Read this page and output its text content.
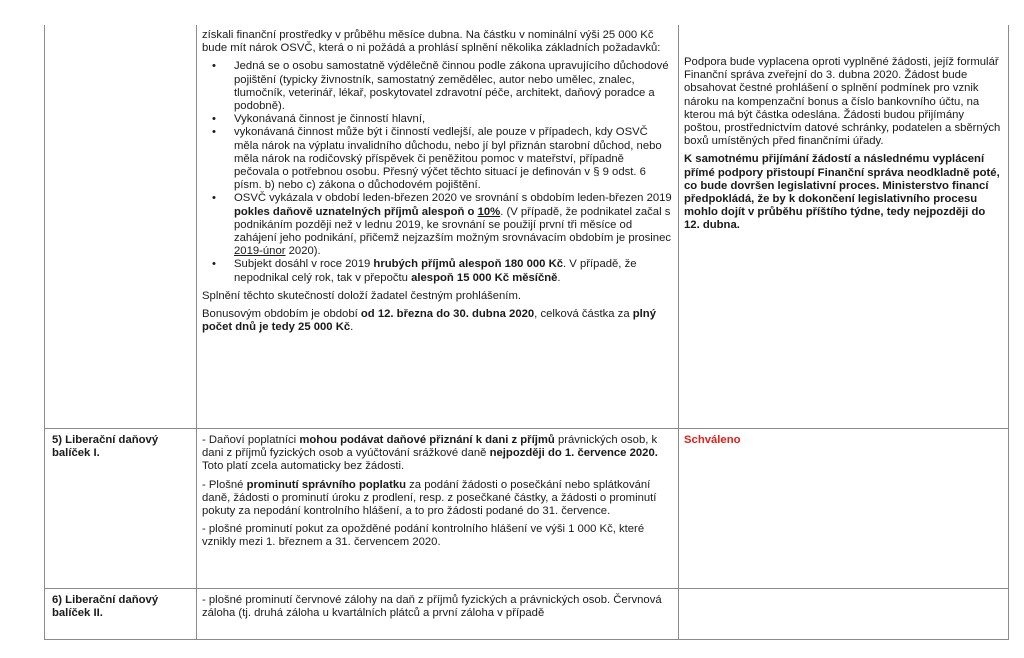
získali finanční prostředky v průběhu měsíce dubna. Na částku v nominální výši 25 000 Kč bude mít nárok OSVČ, která o ni požádá a prohlásí splnění několika základních požadavků:

• Jedná se o osobu samostatně výdělečně činnou podle zákona upravujícího důchodové pojištění (typicky živnostník, samostatný zemědělec, autor nebo umělec, znalec, tlumočník, veterinář, lékař, poskytovatel zdravotní péče, architekt, daňový poradce a podobně).
• Vykonávaná činnost je činností hlavní,
• vykonávaná činnost může být i činností vedlejší, ale pouze v případech, kdy OSVČ měla nárok na výplatu invalidního důchodu, nebo jí byl přiznán starobní důchod, nebo měla nárok na rodičovský příspěvek či peněžitou pomoc v mateřství, případně pečovala o potřebnou osobu. Přesný výčet těchto situací je definován v § 9 odst. 6 písm. b) nebo c) zákona o důchodovém pojištění.
• OSVČ vykázala v období leden-březen 2020 ve srovnání s obdobím leden-březen 2019 pokles daňově uznatelných příjmů alespoň o 10%. (V případě, že podnikatel začal s podnikáním později než v lednu 2019, ke srovnání se použijí první tři měsíce od zahájení jeho podnikání, přičemž nejzazším možným srovnávacím obdobím je prosinec 2019-únor 2020).
• Subjekt dosáhl v roce 2019 hrubých příjmů alespoň 180 000 Kč. V případě, že nepodnikal celý rok, tak v přepočtu alespoň 15 000 Kč měsíčně.

Splnění těchto skutečností doloží žadatel čestným prohlášením.

Bonusovým obdobím je období od 12. března do 30. dubna 2020, celková částka za plný počet dnů je tedy 25 000 Kč.

Podpora bude vyplacena oproti vyplněné žádosti, jejíž formulář Finanční správa zveřejní do 3. dubna 2020. Žádost bude obsahovat čestné prohlášení o splnění podmínek pro vznik nároku na kompenzační bonus a číslo bankovního účtu, na kterou má být částka odeslána. Žádosti budou přijímány poštou, prostřednictvím datové schránky, podatelen a sběrných boxů umístěných před finančními úřady.

K samotnému přijímání žádostí a následnému vyplácení přímé podpory přistoupí Finanční správa neodkladně poté, co bude dovršen legislativní proces. Ministerstvo financí předpokládá, že by k dokončení legislativního procesu mohlo dojít v průběhu příštího týdne, tedy nejpozději do 12. dubna.

5) Liberační daňový balíček I.

- Daňoví poplatníci mohou podávat daňové přiznání k dani z příjmů právnických osob, k dani z příjmů fyzických osob a vyúčtování srážkové daně nejpozději do 1. července 2020. Toto platí zcela automaticky bez žádosti.

- Plošné prominutí správního poplatku za podání žádosti o posečkání nebo splátkování daně, žádosti o prominutí úroku z prodlení, resp. z posečkané částky, a žádosti o prominutí pokuty za nepodání kontrolního hlášení, a to pro žádosti podané do 31. července.

- plošné prominutí pokut za opožděné podání kontrolního hlášení ve výši 1 000 Kč, které vznikly mezi 1. březnem a 31. červencem 2020.

Schváleno
6) Liberační daňový balíček II.

- plošné prominutí červnové zálohy na daň z příjmů fyzických a právnických osob. Červnová záloha (tj. druhá záloha u kvartálních plátců a první záloha v případě
